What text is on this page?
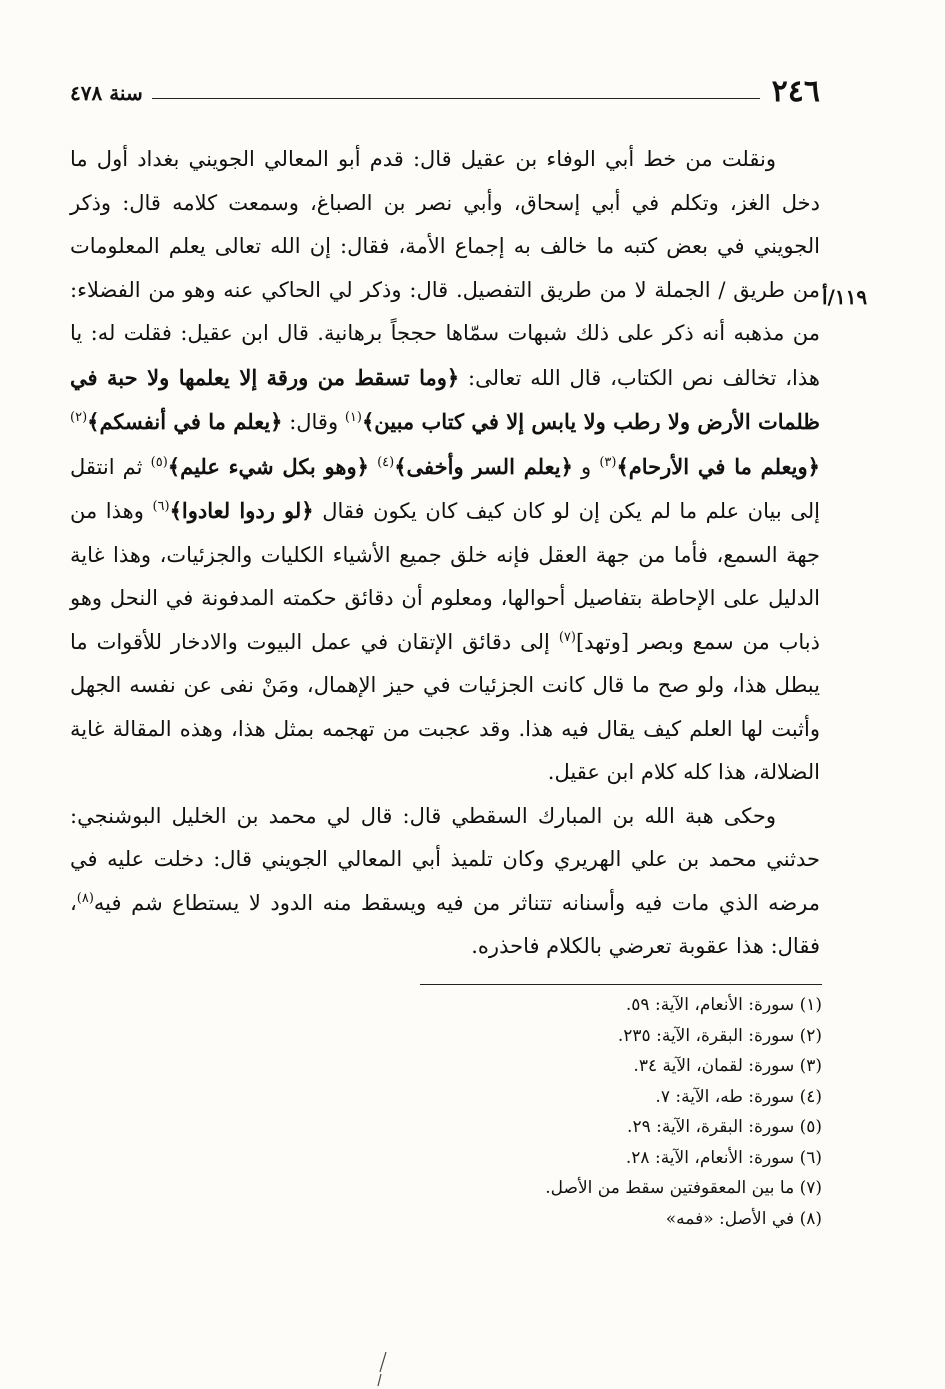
٢٤٦
سنة ٤٧٨
١١٩/أ

ونقلت من خط أبي الوفاء بن عقيل قال: قدم أبو المعالي الجويني بغداد أول ما دخل الغز، وتكلم في أبي إسحاق، وأبي نصر بن الصباغ، وسمعت كلامه قال: وذكر الجويني في بعض كتبه ما خالف به إجماع الأمة، فقال: إن الله تعالى يعلم المعلومات من طريق / الجملة لا من طريق التفصيل. قال: وذكر لي الحاكي عنه وهو من الفضلاء: من مذهبه أنه ذكر على ذلك شبهات سمّاها حججاً برهانية. قال ابن عقيل: فقلت له: يا هذا، تخالف نص الكتاب، قال الله تعالى: ﴿وما تسقط من ورقة إلا يعلمها ولا حبة في ظلمات الأرض ولا رطب ولا يابس إلا في كتاب مبين﴾$^{(١)}$ وقال: ﴿يعلم ما في أنفسكم﴾$^{(٢)}$ ﴿ويعلم ما في الأرحام﴾$^{(٣)}$ و ﴿يعلم السر وأخفى﴾$^{(٤)}$ ﴿وهو بكل شيء عليم﴾$^{(٥)}$ ثم انتقل إلى بيان علم ما لم يكن إن لو كان كيف كان يكون فقال ﴿لو ردوا لعادوا﴾$^{(٦)}$ وهذا من جهة السمع، فأما من جهة العقل فإنه خلق جميع الأشياء الكليات والجزئيات، وهذا غاية الدليل على الإحاطة بتفاصيل أحوالها، ومعلوم أن دقائق حكمته المدفونة في النحل وهو ذباب من سمع وبصر [وتهد]$^{(٧)}$ إلى دقائق الإتقان في عمل البيوت والادخار للأقوات ما يبطل هذا، ولو صح ما قال كانت الجزئيات في حيز الإهمال، ومَنْ نفى عن نفسه الجهل وأثبت لها العلم كيف يقال فيه هذا. وقد عجبت من تهجمه بمثل هذا، وهذه المقالة غاية الضلالة، هذا كله كلام ابن عقيل.

وحكى هبة الله بن المبارك السقطي قال: قال لي محمد بن الخليل البوشنجي: حدثني محمد بن علي الهريري وكان تلميذ أبي المعالي الجويني قال: دخلت عليه في مرضه الذي مات فيه وأسنانه تتناثر من فيه ويسقط منه الدود لا يستطاع شم فيه$^{(٨)}$، فقال: هذا عقوبة تعرضي بالكلام فاحذره.

(١) سورة: الأنعام، الآية: ٥٩.

(٢) سورة: البقرة، الآية: ٢٣٥.

(٣) سورة: لقمان، الآية ٣٤.

(٤) سورة: طه، الآية: ٧.

(٥) سورة: البقرة، الآية: ٢٩.

(٦) سورة: الأنعام، الآية: ٢٨.

(٧) ما بين المعقوفتين سقط من الأصل.

(٨) في الأصل: «فمه»
